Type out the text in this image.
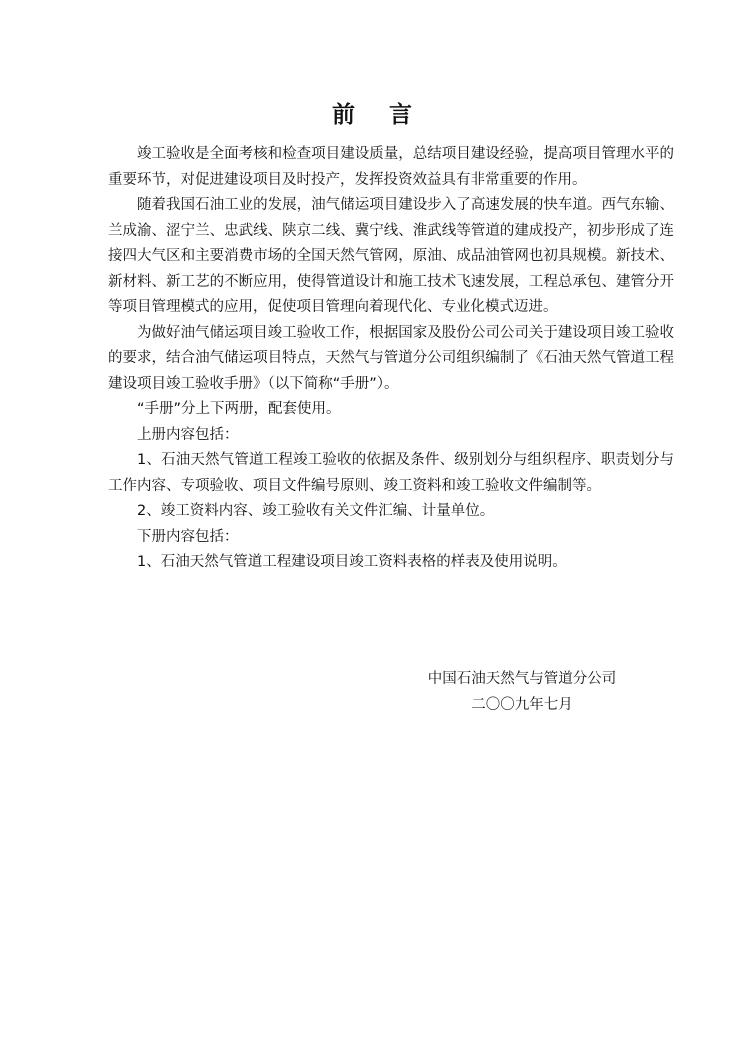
前言

竣工验收是全面考核和检查项目建设质量，总结项目建设经验，提高项目管理水平的重要环节，对促进建设项目及时投产，发挥投资效益具有非常重要的作用。

随着我国石油工业的发展，油气储运项目建设步入了高速发展的快车道。西气东输、兰成渝、涩宁兰、忠武线、陕京二线、冀宁线、淮武线等管道的建成投产，初步形成了连接四大气区和主要消费市场的全国天然气管网，原油、成品油管网也初具规模。新技术、新材料、新工艺的不断应用，使得管道设计和施工技术飞速发展，工程总承包、建管分开等项目管理模式的应用，促使项目管理向着现代化、专业化模式迈进。

为做好油气储运项目竣工验收工作，根据国家及股份公司公司关于建设项目竣工验收的要求，结合油气储运项目特点，天然气与管道分公司组织编制了《石油天然气管道工程建设项目竣工验收手册》（以下简称“手册”）。

“手册”分上下两册，配套使用。

上册内容包括：

1、石油天然气管道工程竣工验收的依据及条件、级别划分与组织程序、职责划分与工作内容、专项验收、项目文件编号原则、竣工资料和竣工验收文件编制等。

2、竣工资料内容、竣工验收有关文件汇编、计量单位。

下册内容包括：

1、石油天然气管道工程建设项目竣工资料表格的样表及使用说明。

中国石油天然气与管道分公司
二〇〇九年七月
